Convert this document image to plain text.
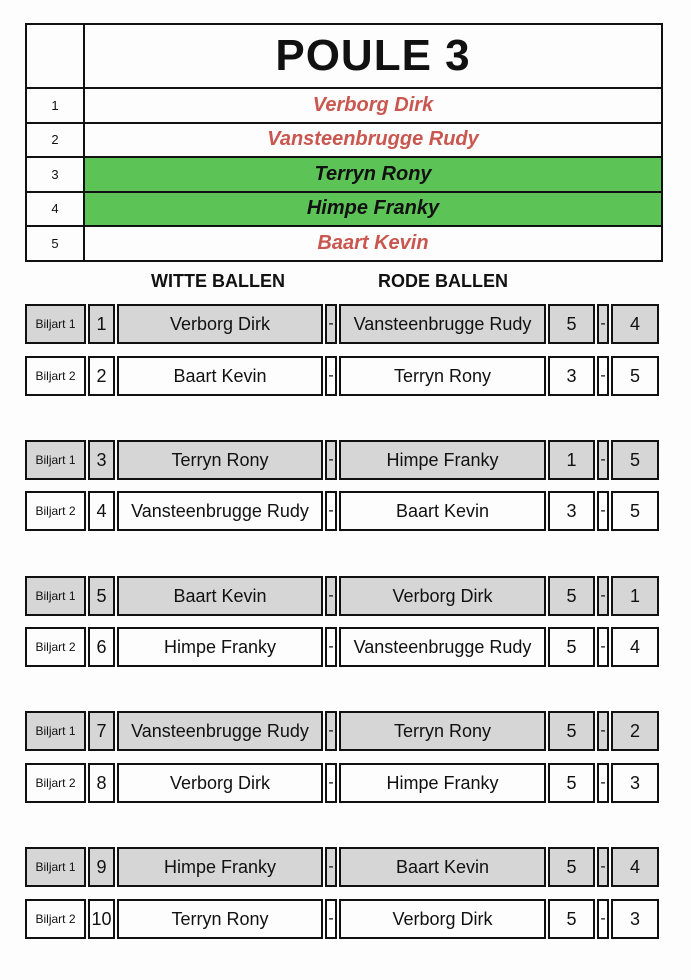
POULE 3
1	Verborg Dirk
2	Vansteenbrugge Rudy
3	Terryn Rony
4	Himpe Franky
5	Baart Kevin
WITTE BALLEN	RODE BALLEN
Biljart 1	1	Verborg Dirk	-	Vansteenbrugge Rudy	5	-	4
Biljart 2	2	Baart Kevin	-	Terryn Rony	3	-	5
Biljart 1	3	Terryn Rony	-	Himpe Franky	1	-	5
Biljart 2	4	Vansteenbrugge Rudy	-	Baart Kevin	3	-	5
Biljart 1	5	Baart Kevin	-	Verborg Dirk	5	-	1
Biljart 2	6	Himpe Franky	-	Vansteenbrugge Rudy	5	-	4
Biljart 1	7	Vansteenbrugge Rudy	-	Terryn Rony	5	-	2
Biljart 2	8	Verborg Dirk	-	Himpe Franky	5	-	3
Biljart 1	9	Himpe Franky	-	Baart Kevin	5	-	4
Biljart 2 10	Terryn Rony	-	Verborg Dirk	5	-	3
